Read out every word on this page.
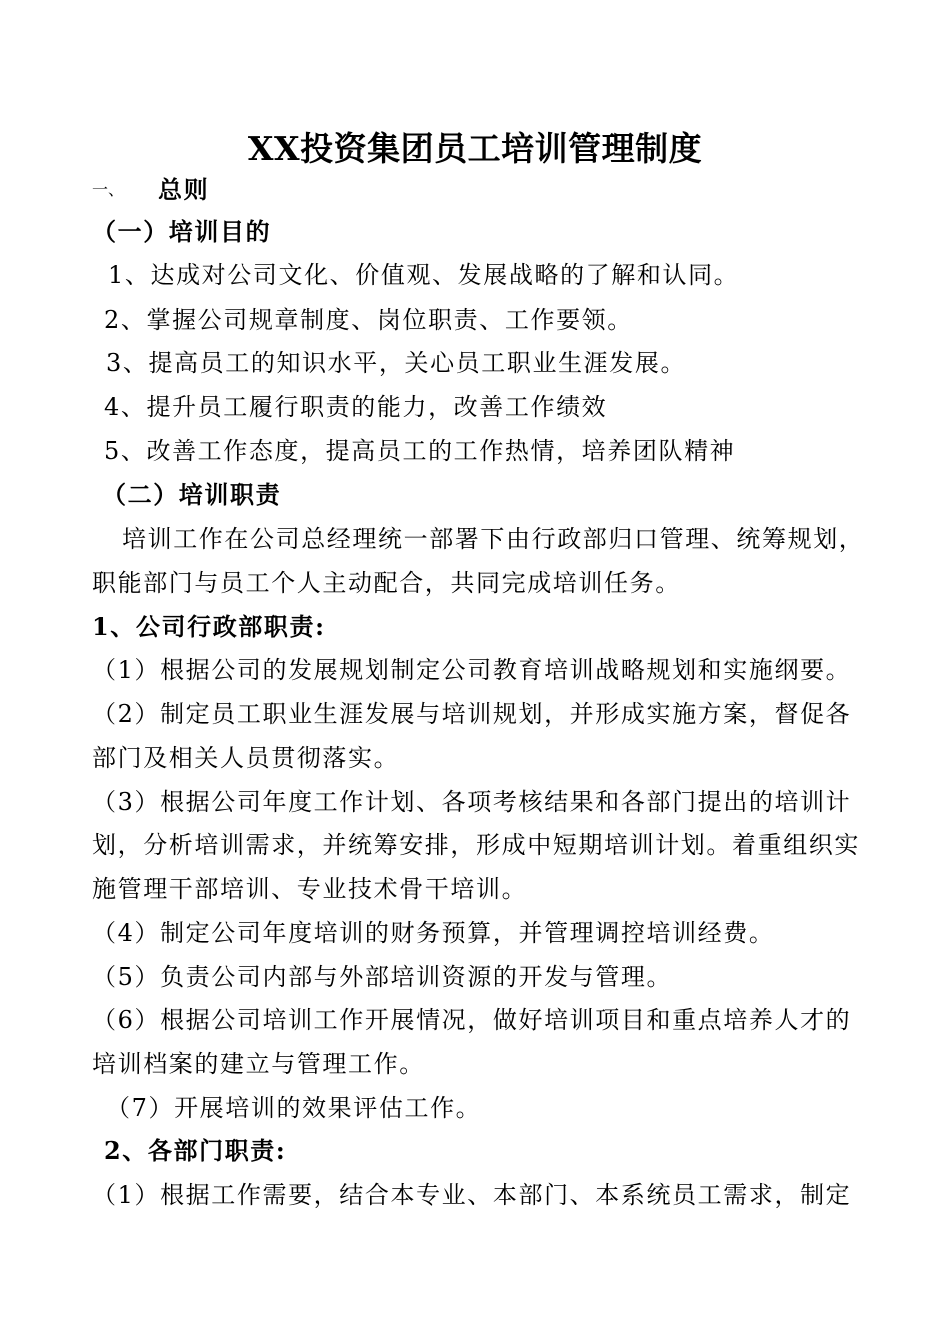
XX投资集团员工培训管理制度
一、 总则
（一）培训目的
1、达成对公司文化、价值观、发展战略的了解和认同。
2、掌握公司规章制度、岗位职责、工作要领。
3、提高员工的知识水平，关心员工职业生涯发展。
4、提升员工履行职责的能力，改善工作绩效
5、改善工作态度，提高员工的工作热情，培养团队精神
（二）培训职责
培训工作在公司总经理统一部署下由行政部归口管理、统筹规划，
职能部门与员工个人主动配合，共同完成培训任务。
1、公司行政部职责:
（1）根据公司的发展规划制定公司教育培训战略规划和实施纲要。
（2）制定员工职业生涯发展与培训规划，并形成实施方案，督促各
部门及相关人员贯彻落实。
（3）根据公司年度工作计划、各项考核结果和各部门提出的培训计
划，分析培训需求，并统筹安排，形成中短期培训计划。着重组织实
施管理干部培训、专业技术骨干培训。
（4）制定公司年度培训的财务预算，并管理调控培训经费。
（5）负责公司内部与外部培训资源的开发与管理。
（6）根据公司培训工作开展情况，做好培训项目和重点培养人才的
培训档案的建立与管理工作。
（7）开展培训的效果评估工作。
2、各部门职责:
（1）根据工作需要，结合本专业、本部门、本系统员工需求，制定
